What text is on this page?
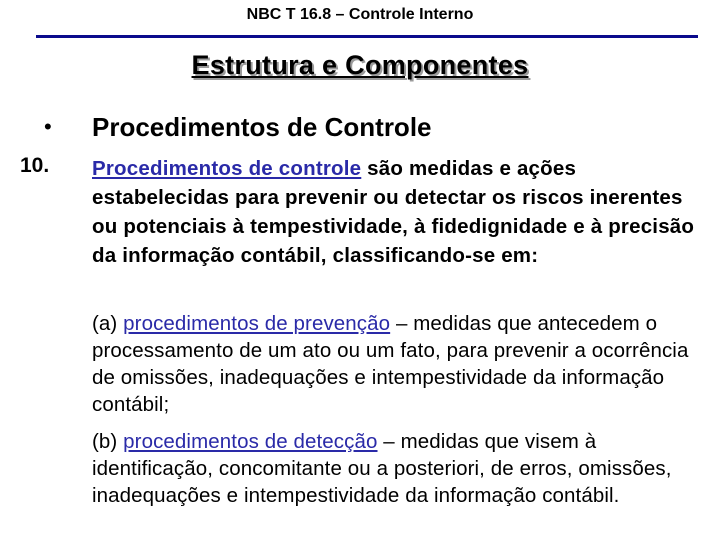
NBC T 16.8 – Controle Interno
Estrutura e Componentes
• Procedimentos de Controle
10. Procedimentos de controle são medidas e ações estabelecidas para prevenir ou detectar os riscos inerentes ou potenciais à tempestividade, à fidedignidade e à precisão da informação contábil, classificando-se em:
(a) procedimentos de prevenção – medidas que antecedem o processamento de um ato ou um fato, para prevenir a ocorrência de omissões, inadequações e intempestividade da informação contábil;
(b) procedimentos de detecção – medidas que visem à identificação, concomitante ou a posteriori, de erros, omissões, inadequações e intempestividade da informação contábil.
